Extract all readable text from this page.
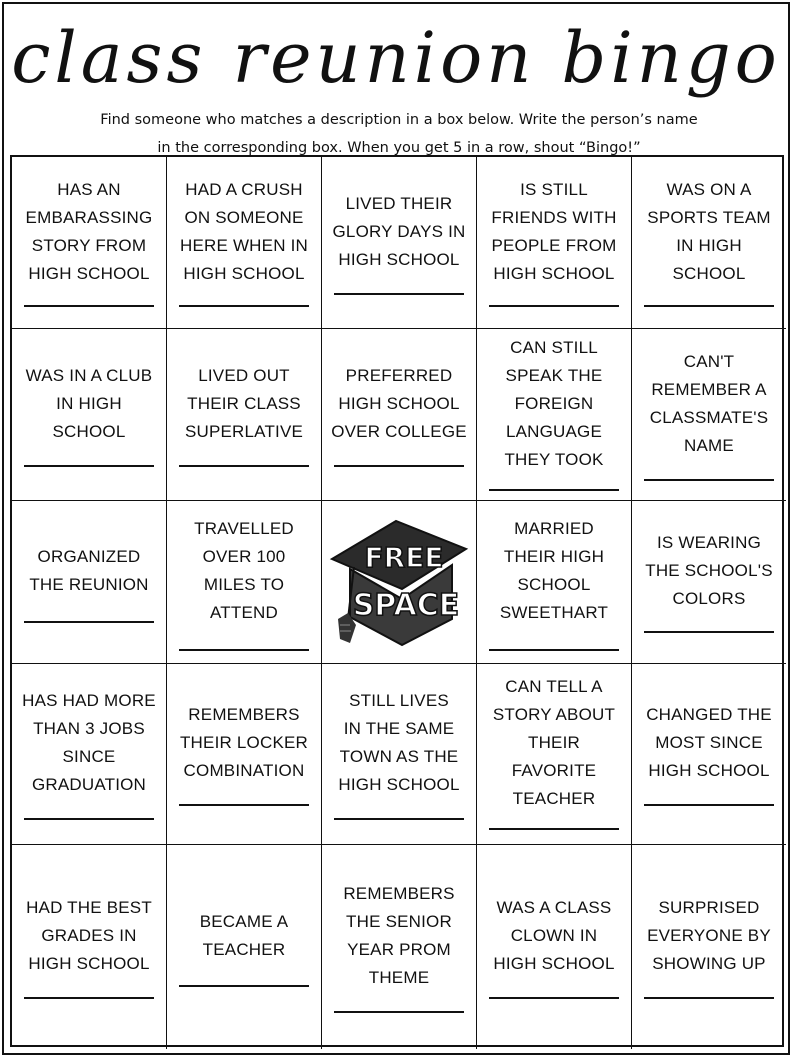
class reunion bingo
Find someone who matches a description in a box below. Write the person’s name
in the corresponding box. When you get 5 in a row, shout “Bingo!”
HAS AN
EMBARASSING
STORY FROM
HIGH SCHOOL
HAD A CRUSH
ON SOMEONE
HERE WHEN IN
HIGH SCHOOL
LIVED THEIR
GLORY DAYS IN
HIGH SCHOOL
IS STILL
FRIENDS WITH
PEOPLE FROM
HIGH SCHOOL
WAS ON A
SPORTS TEAM
IN HIGH
SCHOOL
WAS IN A CLUB
IN HIGH
SCHOOL
LIVED OUT
THEIR CLASS
SUPERLATIVE
PREFERRED
HIGH SCHOOL
OVER COLLEGE
CAN STILL
SPEAK THE
FOREIGN
LANGUAGE
THEY TOOK
CAN'T
REMEMBER A
CLASSMATE'S
NAME
ORGANIZED
THE REUNION
TRAVELLED
OVER 100
MILES TO
ATTEND
FREE
SPACE
MARRIED
THEIR HIGH
SCHOOL
SWEETHART
IS WEARING
THE SCHOOL'S
COLORS
HAS HAD MORE
THAN 3 JOBS
SINCE
GRADUATION
REMEMBERS
THEIR LOCKER
COMBINATION
STILL LIVES
IN THE SAME
TOWN AS THE
HIGH SCHOOL
CAN TELL A
STORY ABOUT
THEIR
FAVORITE
TEACHER
CHANGED THE
MOST SINCE
HIGH SCHOOL
HAD THE BEST
GRADES IN
HIGH SCHOOL
BECAME A
TEACHER
REMEMBERS
THE SENIOR
YEAR PROM
THEME
WAS A CLASS
CLOWN IN
HIGH SCHOOL
SURPRISED
EVERYONE BY
SHOWING UP
